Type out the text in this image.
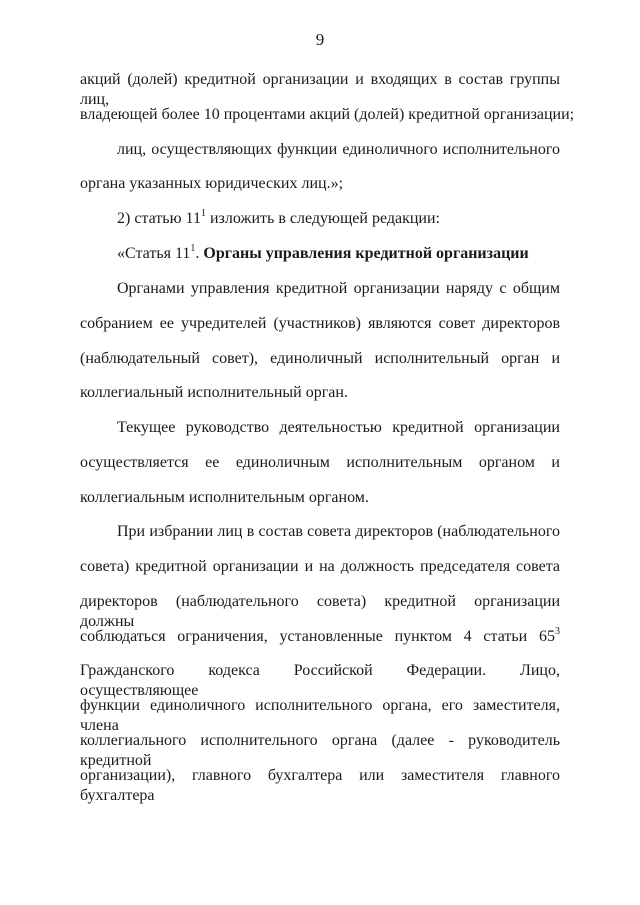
9
акций (долей) кредитной организации и входящих в состав группы лиц,
владеющей более 10 процентами акций (долей) кредитной организации;
лиц, осуществляющих функции единоличного исполнительного
органа указанных юридических лиц.»;
2) статью $11^1$ изложить в следующей редакции:
«Статья $11^1$. Органы управления кредитной организации
Органами управления кредитной организации наряду с общим
собранием ее учредителей (участников) являются совет директоров
(наблюдательный совет), единоличный исполнительный орган и
коллегиальный исполнительный орган.
Текущее руководство деятельностью кредитной организации
осуществляется ее единоличным исполнительным органом и
коллегиальным исполнительным органом.
При избрании лиц в состав совета директоров (наблюдательного
совета) кредитной организации и на должность председателя совета
директоров (наблюдательного совета) кредитной организации должны
соблюдаться ограничения, установленные пунктом 4 статьи $65^3$
Гражданского кодекса Российской Федерации. Лицо, осуществляющее
функции единоличного исполнительного органа, его заместителя, члена
коллегиального исполнительного органа (далее - руководитель кредитной
организации), главного бухгалтера или заместителя главного бухгалтера
